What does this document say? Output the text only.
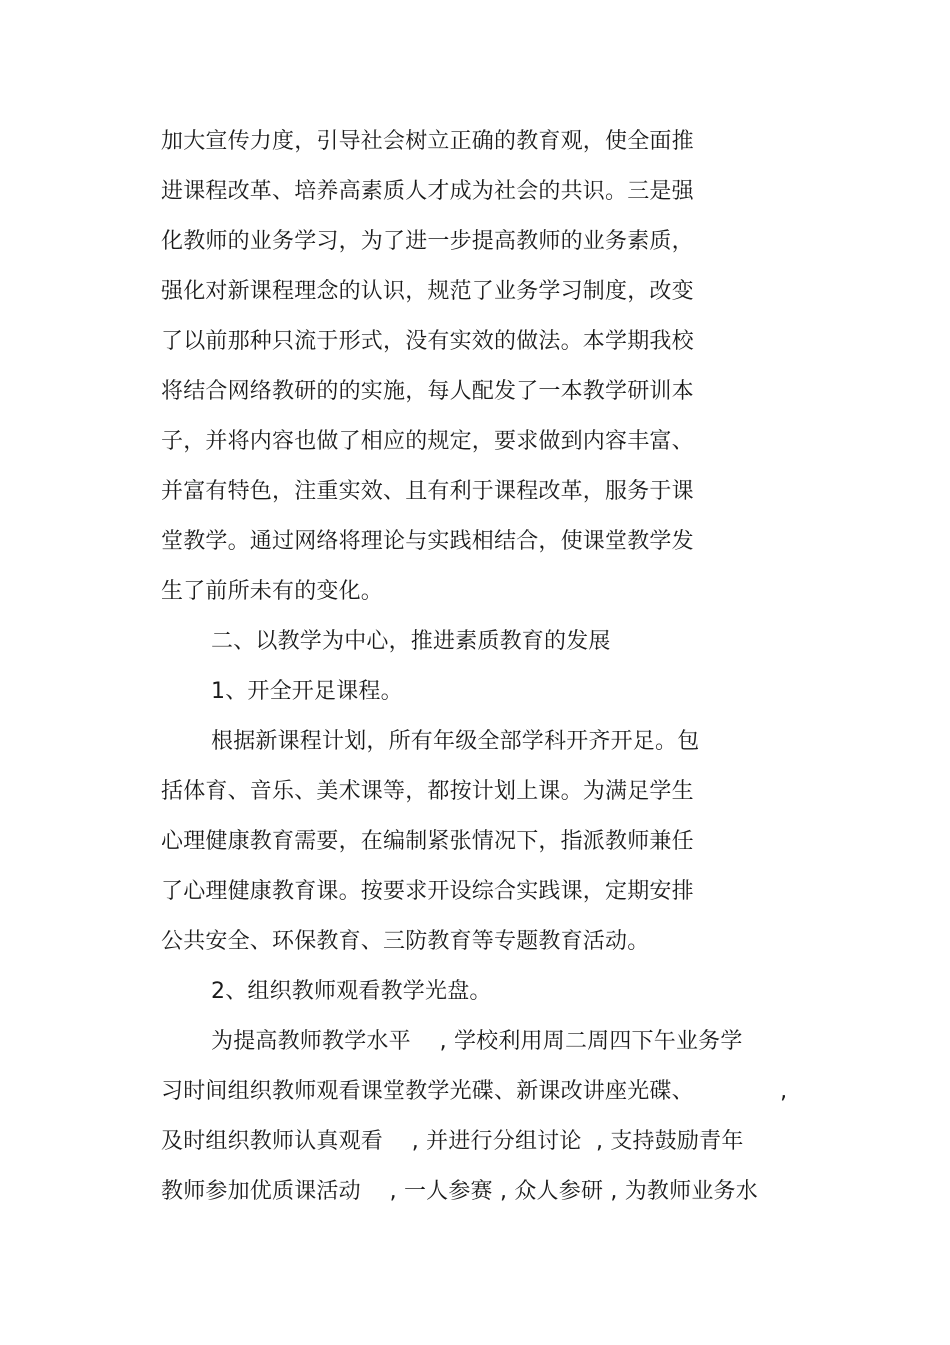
加大宣传力度，引导社会树立正确的教育观，使全面推
进课程改革、培养高素质人才成为社会的共识。三是强
化教师的业务学习，为了进一步提高教师的业务素质，
强化对新课程理念的认识，规范了业务学习制度，改变
了以前那种只流于形式，没有实效的做法。本学期我校
将结合网络教研的的实施，每人配发了一本教学研训本
子，并将内容也做了相应的规定，要求做到内容丰富、
并富有特色，注重实效、且有利于课程改革，服务于课
堂教学。通过网络将理论与实践相结合，使课堂教学发
生了前所未有的变化。
二、以教学为中心，推进素质教育的发展
1、开全开足课程。
根据新课程计划，所有年级全部学科开齐开足。包
括体育、音乐、美术课等，都按计划上课。为满足学生
心理健康教育需要，在编制紧张情况下，指派教师兼任
了心理健康教育课。按要求开设综合实践课，定期安排
公共安全、环保教育、三防教育等专题教育活动。
2、组织教师观看教学光盘。
为提高教师教学水平    , 学校利用周二周四下午业务学
习时间组织教师观看课堂教学光碟、新课改讲座光碟、            ,
及时组织教师认真观看    , 并进行分组讨论  , 支持鼓励青年
教师参加优质课活动    , 一人参赛 , 众人参研 , 为教师业务水
